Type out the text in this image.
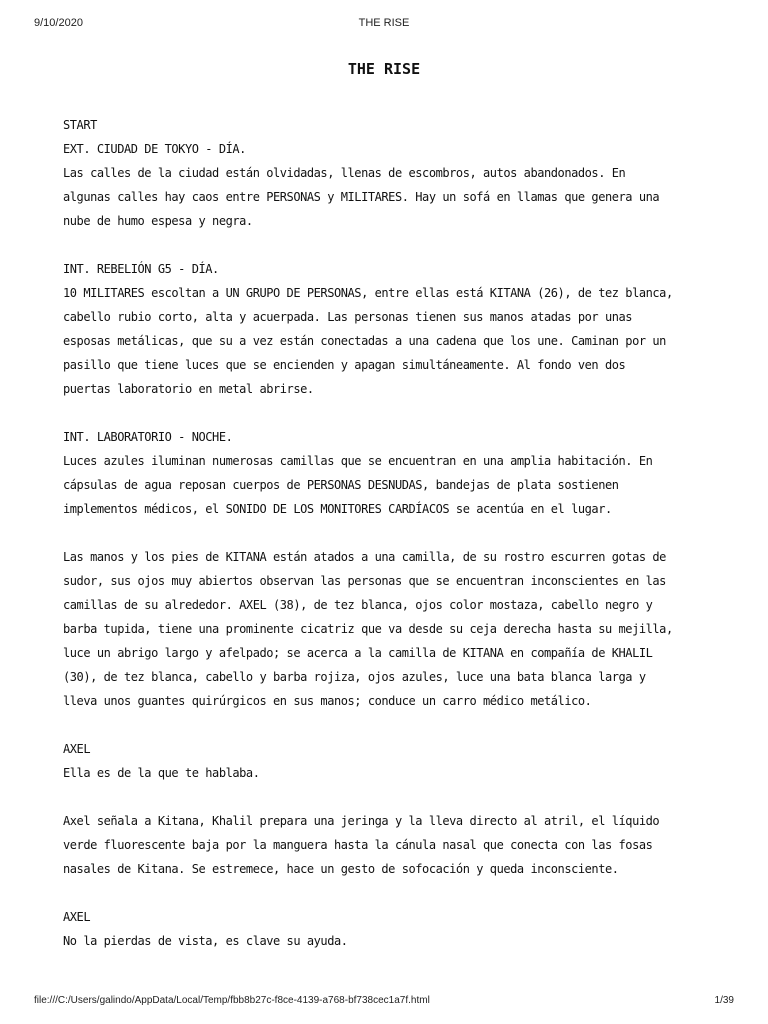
9/10/2020	THE RISE
THE RISE

START

EXT. CIUDAD DE TOKYO - DÍA.

Las calles de la ciudad están olvidadas, llenas de escombros, autos abandonados. En

algunas calles hay caos entre PERSONAS y MILITARES. Hay un sofá en llamas que genera una

nube de humo espesa y negra.

INT. REBELIÓN G5 - DÍA.

10 MILITARES escoltan a UN GRUPO DE PERSONAS, entre ellas está KITANA (26), de tez blanca,

cabello rubio corto, alta y acuerpada. Las personas tienen sus manos atadas por unas

esposas metálicas, que su a vez están conectadas a una cadena que los une. Caminan por un

pasillo que tiene luces que se encienden y apagan simultáneamente. Al fondo ven dos

puertas laboratorio en metal abrirse.

INT. LABORATORIO - NOCHE.

Luces azules iluminan numerosas camillas que se encuentran en una amplia habitación. En

cápsulas de agua reposan cuerpos de PERSONAS DESNUDAS, bandejas de plata sostienen

implementos médicos, el SONIDO DE LOS MONITORES CARDÍACOS se acentúa en el lugar.

Las manos y los pies de KITANA están atados a una camilla, de su rostro escurren gotas de

sudor, sus ojos muy abiertos observan las personas que se encuentran inconscientes en las

camillas de su alrededor. AXEL (38), de tez blanca, ojos color mostaza, cabello negro y

barba tupida, tiene una prominente cicatriz que va desde su ceja derecha hasta su mejilla,

luce un abrigo largo y afelpado; se acerca a la camilla de KITANA en compañía de KHALIL

(30), de tez blanca, cabello y barba rojiza, ojos azules, luce una bata blanca larga y

lleva unos guantes quirúrgicos en sus manos; conduce un carro médico metálico.

AXEL

Ella es de la que te hablaba.

Axel señala a Kitana, Khalil prepara una jeringa y la lleva directo al atril, el líquido

verde fluorescente baja por la manguera hasta la cánula nasal que conecta con las fosas

nasales de Kitana. Se estremece, hace un gesto de sofocación y queda inconsciente.

AXEL

No la pierdas de vista, es clave su ayuda.

file:///C:/Users/galindo/AppData/Local/Temp/fbb8b27c-f8ce-4139-a768-bf738cec1a7f.html	1/39
